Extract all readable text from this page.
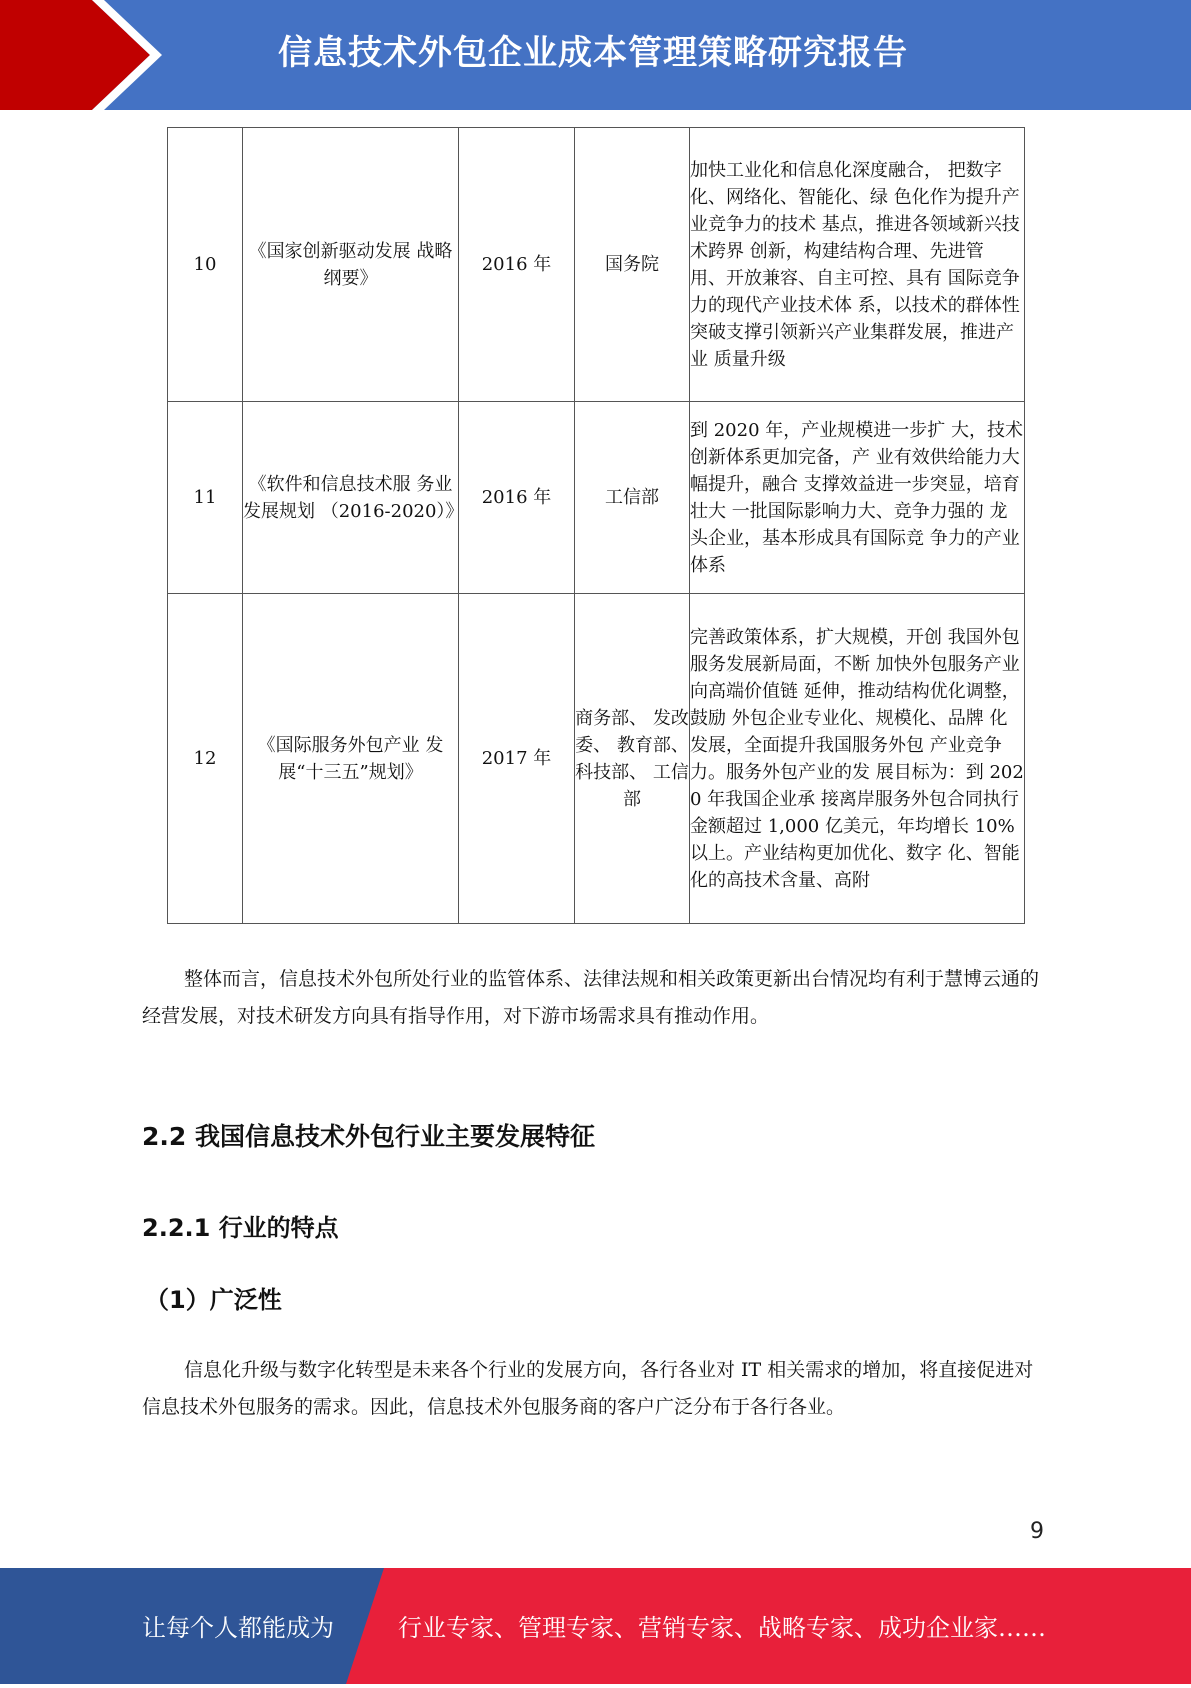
信息技术外包企业成本管理策略研究报告
10	《国家创新驱动发展 战略纲要》	2016 年	国务院	加快工业化和信息化深度融合， 把数字化、网络化、智能化、绿 色化作为提升产业竞争力的技术 基点，推进各领域新兴技术跨界 创新，构建结构合理、先进管 用、开放兼容、自主可控、具有 国际竞争力的现代产业技术体 系，以技术的群体性突破支撑引领新兴产业集群发展，推进产业 质量升级
11	《软件和信息技术服 务业发展规划 （2016-2020）》	2016 年	工信部	到 2020 年，产业规模进一步扩 大，技术创新体系更加完备，产 业有效供给能力大幅提升，融合 支撑效益进一步突显，培育壮大 一批国际影响力大、竞争力强的 龙头企业，基本形成具有国际竞 争力的产业体系
12	《国际服务外包产业 发展“十三五”规划》	2017 年	商务部、 发改委、 教育部、 科技部、 工信部	完善政策体系，扩大规模，开创 我国外包服务发展新局面，不断 加快外包服务产业向高端价值链 延伸，推动结构优化调整，鼓励 外包企业专业化、规模化、品牌 化发展，全面提升我国服务外包 产业竞争力。服务外包产业的发 展目标为：到 2020 年我国企业承 接离岸服务外包合同执行金额超过 1,000 亿美元，年均增长 10% 以上。产业结构更加优化、数字 化、智能化的高技术含量、高附

整体而言，信息技术外包所处行业的监管体系、法律法规和相关政策更新出台情况均有利于慧博云通的经营发展，对技术研发方向具有指导作用，对下游市场需求具有推动作用。

2.2 我国信息技术外包行业主要发展特征
2.2.1 行业的特点
（1）广泛性

信息化升级与数字化转型是未来各个行业的发展方向，各行各业对 IT 相关需求的增加，将直接促进对信息技术外包服务的需求。因此，信息技术外包服务商的客户广泛分布于各行各业。

9
让每个人都能成为	行业专家、管理专家、营销专家、战略专家、成功企业家……
